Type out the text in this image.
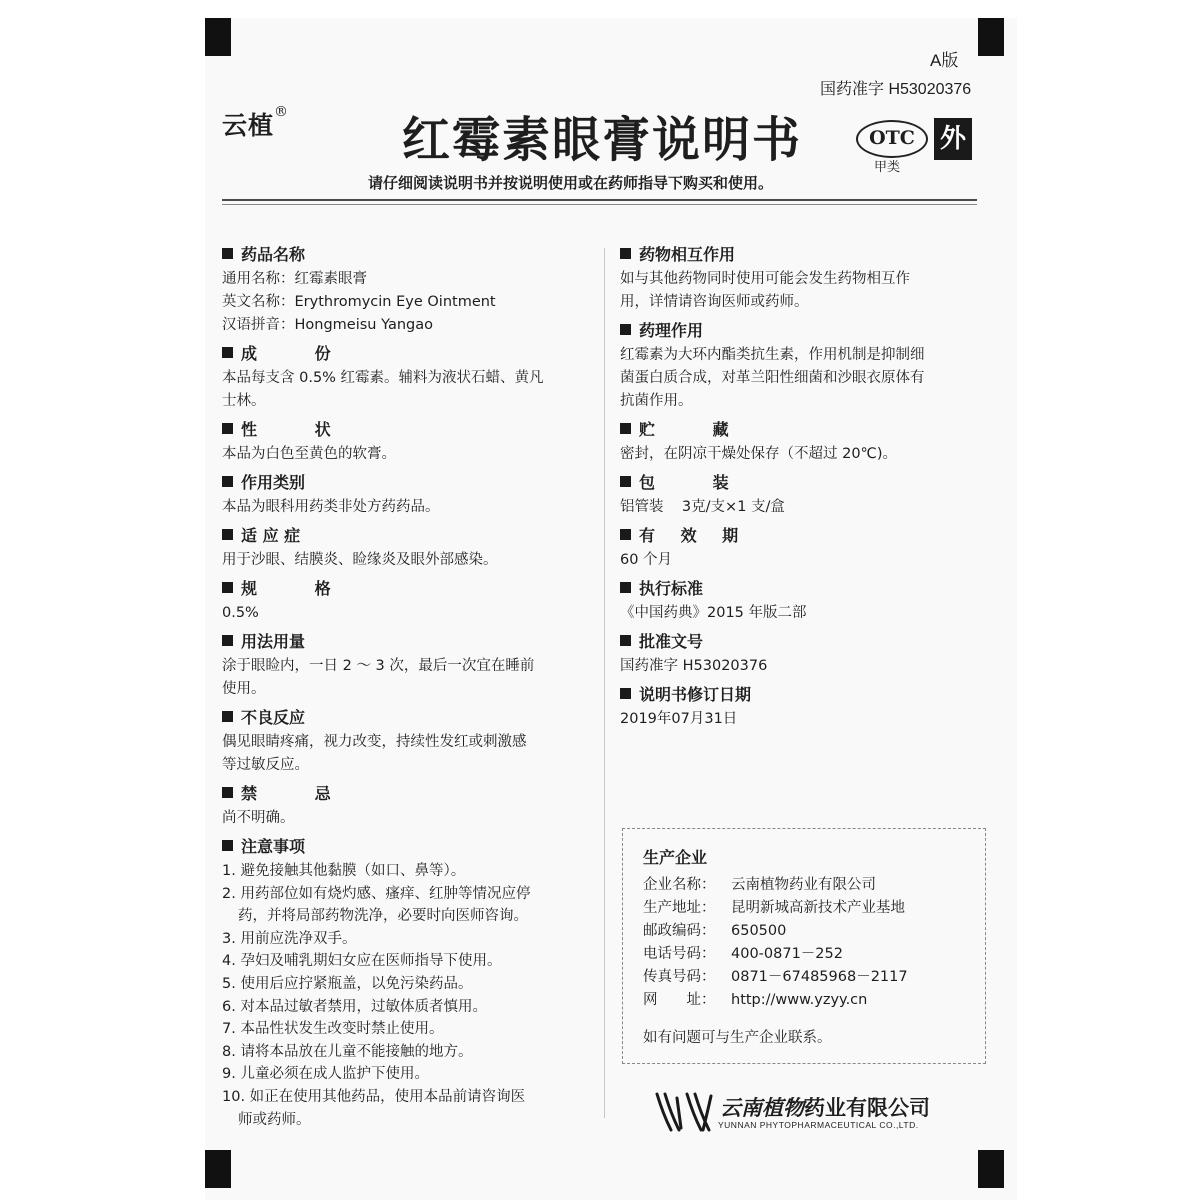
A版
国药准字 H53020376
云植® 红霉素眼膏说明书	OTC
甲类
外
请仔细阅读说明书并按说明使用或在药师指导下购买和使用。
药品名称
通用名称：红霉素眼膏
英文名称：Erythromycin Eye Ointment
汉语拼音：Hongmeisu Yangao
成 份
本品每支含 0.5% 红霉素。辅料为液状石蜡、黄凡
士林。
性 状
本品为白色至黄色的软膏。
作用类别
本品为眼科用药类非处方药药品。
适 应 症
用于沙眼、结膜炎、睑缘炎及眼外部感染。
规 格
0.5%
用法用量
涂于眼睑内，一日 2 ～ 3 次，最后一次宜在睡前
使用。
不良反应
偶见眼睛疼痛，视力改变，持续性发红或刺激感
等过敏反应。
禁 忌
尚不明确。
注意事项
1. 避免接触其他黏膜（如口、鼻等）。
2. 用药部位如有烧灼感、瘙痒、红肿等情况应停
药，并将局部药物洗净，必要时向医师咨询。
3. 用前应洗净双手。
4. 孕妇及哺乳期妇女应在医师指导下使用。
5. 使用后应拧紧瓶盖，以免污染药品。
6. 对本品过敏者禁用，过敏体质者慎用。
7. 本品性状发生改变时禁止使用。
8. 请将本品放在儿童不能接触的地方。
9. 儿童必须在成人监护下使用。
10. 如正在使用其他药品，使用本品前请咨询医
师或药师。
药物相互作用
如与其他药物同时使用可能会发生药物相互作
用，详情请咨询医师或药师。
药理作用
红霉素为大环内酯类抗生素，作用机制是抑制细
菌蛋白质合成，对革兰阳性细菌和沙眼衣原体有
抗菌作用。
贮 藏
密封，在阴凉干燥处保存（不超过 20℃)。
包 装
铝管装    3克/支×1 支/盒
有 效 期
60 个月
执行标准
《中国药典》2015 年版二部
批准文号
国药准字 H53020376
说明书修订日期
2019年07月31日
生产企业
企业名称：	云南植物药业有限公司
生产地址：	昆明新城高新技术产业基地
邮政编码：	650500
电话号码：	400-0871－252
传真号码：	0871－67485968－2117
网　　址：	http://www.yzyy.cn
如有问题可与生产企业联系。
云南植物药业有限公司
YUNNAN PHYTOPHARMACEUTICAL CO.,LTD.
